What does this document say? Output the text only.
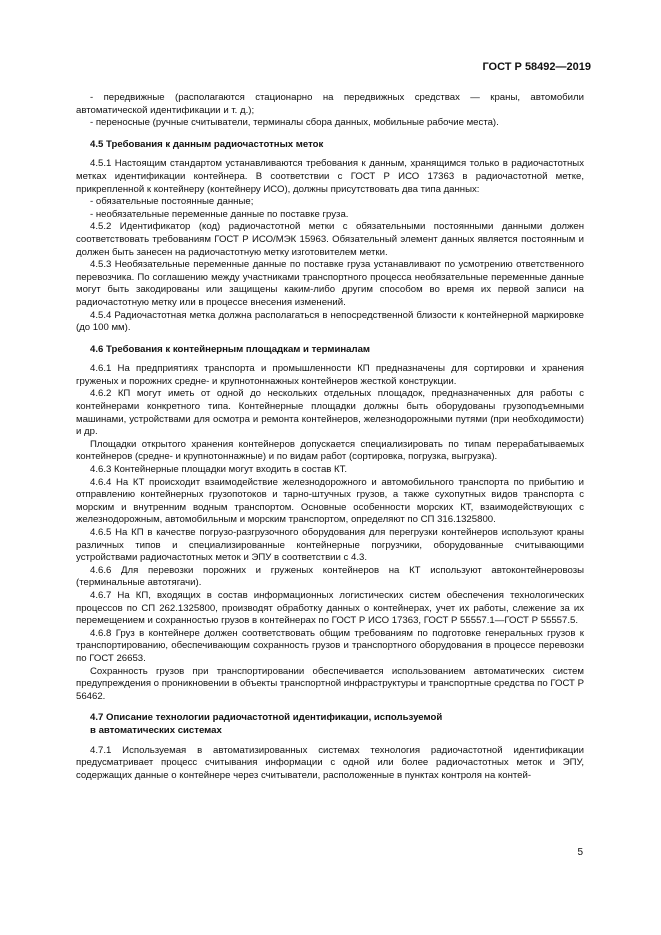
ГОСТ Р 58492—2019

- передвижные (располагаются стационарно на передвижных средствах — краны, автомобили автоматической идентификации и т. д.);

- переносные (ручные считыватели, терминалы сбора данных, мобильные рабочие места).

4.5 Требования к данным радиочастотных меток

4.5.1 Настоящим стандартом устанавливаются требования к данным, хранящимся только в радиочастотных метках идентификации контейнера. В соответствии с ГОСТ Р ИСО 17363 в радиочастотной метке, прикрепленной к контейнеру (контейнеру ИСО), должны присутствовать два типа данных:

- обязательные постоянные данные;

- необязательные переменные данные по поставке груза.

4.5.2 Идентификатор (код) радиочастотной метки с обязательными постоянными данными должен соответствовать требованиям ГОСТ Р ИСО/МЭК 15963. Обязательный элемент данных является постоянным и должен быть занесен на радиочастотную метку изготовителем метки.

4.5.3 Необязательные переменные данные по поставке груза устанавливают по усмотрению ответственного перевозчика. По соглашению между участниками транспортного процесса необязательные переменные данные могут быть закодированы или защищены каким-либо другим способом во время их первой записи на радиочастотную метку или в процессе внесения изменений.

4.5.4 Радиочастотная метка должна располагаться в непосредственной близости к контейнерной маркировке (до 100 мм).

4.6 Требования к контейнерным площадкам и терминалам

4.6.1 На предприятиях транспорта и промышленности КП предназначены для сортировки и хранения груженых и порожних средне- и крупнотоннажных контейнеров жесткой конструкции.

4.6.2 КП могут иметь от одной до нескольких отдельных площадок, предназначенных для работы с контейнерами конкретного типа. Контейнерные площадки должны быть оборудованы грузоподъемными машинами, устройствами для осмотра и ремонта контейнеров, железнодорожными путями (при необходимости) и др.

Площадки открытого хранения контейнеров допускается специализировать по типам перерабатываемых контейнеров (средне- и крупнотоннажные) и по видам работ (сортировка, погрузка, выгрузка).

4.6.3 Контейнерные площадки могут входить в состав КТ.

4.6.4 На КТ происходит взаимодействие железнодорожного и автомобильного транспорта по прибытию и отправлению контейнерных грузопотоков и тарно-штучных грузов, а также сухопутных видов транспорта с морским и внутренним водным транспортом. Основные особенности морских КТ, взаимодействующих с железнодорожным, автомобильным и морским транспортом, определяют по СП 316.1325800.

4.6.5 На КП в качестве погрузо-разгрузочного оборудования для перегрузки контейнеров используют краны различных типов и специализированные контейнерные погрузчики, оборудованные считывающими устройствами радиочастотных меток и ЭПУ в соответствии с 4.3.

4.6.6 Для перевозки порожних и груженых контейнеров на КТ используют автоконтейнеровозы (терминальные автотягачи).

4.6.7 На КП, входящих в состав информационных логистических систем обеспечения технологических процессов по СП 262.1325800, производят обработку данных о контейнерах, учет их работы, слежение за их перемещением и сохранностью грузов в контейнерах по ГОСТ Р ИСО 17363, ГОСТ Р 55557.1—ГОСТ Р 55557.5.

4.6.8 Груз в контейнере должен соответствовать общим требованиям по подготовке генеральных грузов к транспортированию, обеспечивающим сохранность грузов и транспортного оборудования в процессе перевозки по ГОСТ 26653.

Сохранность грузов при транспортировании обеспечивается использованием автоматических систем предупреждения о проникновении в объекты транспортной инфраструктуры и транспортные средства по ГОСТ Р 56462.

4.7 Описание технологии радиочастотной идентификации, используемой
в автоматических системах

4.7.1 Используемая в автоматизированных системах технология радиочастотной идентификации предусматривает процесс считывания информации с одной или более радиочастотных меток и ЭПУ, содержащих данные о контейнере через считыватели, расположенные в пунктах контроля на контей-

5
